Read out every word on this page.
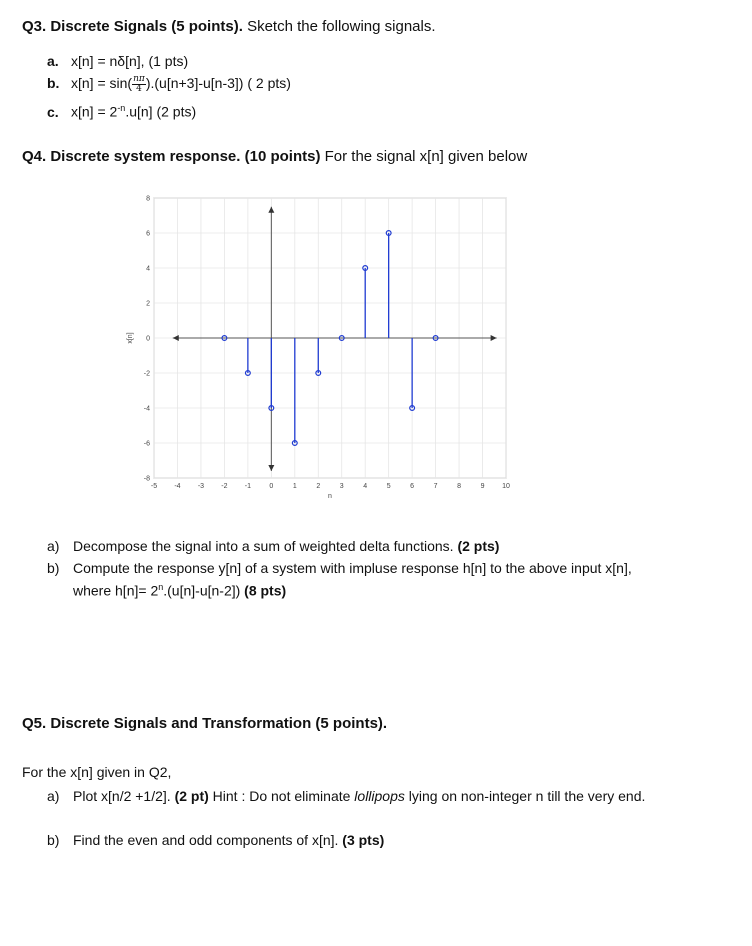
Q3. Discrete Signals (5 points). Sketch the following signals.
a. x[n] = nδ[n], (1 pts)
b. $x[n] = \sin( \frac{n\pi}{4} ).(u[n+3]-u[n-3])$ ( 2 pts)
c. $x[n] = 2^{-n}.u[n]$ (2 pts)
Q4. Discrete system response. (10 points) For the signal x[n] given below
-5 -4 -3 -2 -1	0	1	2	3	4	5	6	7	8	9	10
-8
-6
-4
-2
0
2
4
6
8
n
x[n]
a) Decompose the signal into a sum of weighted delta functions. (2 pts)
b) Compute the response y[n] of a system with impluse response h[n] to the above input x[n],
where $h[n]= 2^n.(u[n]-u[n-2])$ (8 pts)
Q5. Discrete Signals and Transformation (5 points).
For the x[n] given in Q2,
a) Plot x[n/2 +1/2]. (2 pt) Hint : Do not eliminate lollipops lying on non-integer n till the very end.
b) Find the even and odd components of x[n]. (3 pts)
